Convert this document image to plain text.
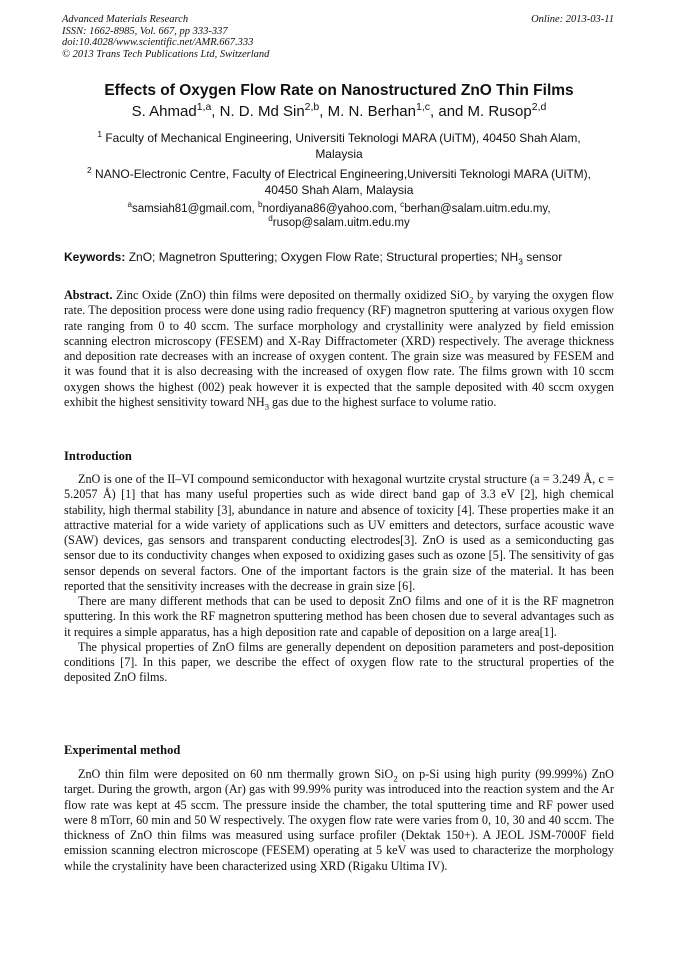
Advanced Materials Research
ISSN: 1662-8985, Vol. 667, pp 333-337
doi:10.4028/www.scientific.net/AMR.667.333
© 2013 Trans Tech Publications Ltd, Switzerland
Online: 2013-03-11
Effects of Oxygen Flow Rate on Nanostructured ZnO Thin Films
S. Ahmad$^{1,a}$, N. D. Md Sin$^{2,b}$, M. N. Berhan$^{1,c}$, and M. Rusop$^{2,d}$
$^1$ Faculty of Mechanical Engineering, Universiti Teknologi MARA (UiTM), 40450 Shah Alam, Malaysia
$^2$ NANO-Electronic Centre, Faculty of Electrical Engineering,Universiti Teknologi MARA (UiTM), 40450 Shah Alam, Malaysia
$^a$samsiah81@gmail.com, $^b$nordiyana86@yahoo.com, $^c$berhan@salam.uitm.edu.my,
$^d$rusop@salam.uitm.edu.my
Keywords: ZnO; Magnetron Sputtering; Oxygen Flow Rate; Structural properties; $NH_3$ sensor

Abstract. Zinc Oxide (ZnO) thin films were deposited on thermally oxidized SiO$_2$ by varying the oxygen flow rate. The deposition process were done using radio frequency (RF) magnetron sputtering at various oxygen flow rate ranging from 0 to 40 sccm. The surface morphology and crystallinity were analyzed by field emission scanning electron microscopy (FESEM) and X-Ray Diffractometer (XRD) respectively. The average thickness and deposition rate decreases with an increase of oxygen content. The grain size was measured by FESEM and it was found that it is also decreasing with the increased of oxygen flow rate. The films grown with 10 sccm oxygen shows the highest (002) peak however it is expected that the sample deposited with 40 sccm oxygen exhibit the highest sensitivity toward $NH_3$ gas due to the highest surface to volume ratio.

Introduction

ZnO is one of the II–VI compound semiconductor with hexagonal wurtzite crystal structure (a = 3.249 Å, c = 5.2057 Å) [1] that has many useful properties such as wide direct band gap of 3.3 eV [2], high chemical stability, high thermal stability [3], abundance in nature and absence of toxicity [4]. These properties make it an attractive material for a wide variety of applications such as UV emitters and detectors, surface acoustic wave (SAW) devices, gas sensors and transparent conducting electrodes[3]. ZnO is used as a semiconducting gas sensor due to its conductivity changes when exposed to oxidizing gases such as ozone [5]. The sensitivity of gas sensor depends on several factors. One of the important factors is the grain size of the material. It has been reported that the sensitivity increases with the decrease in grain size [6].

There are many different methods that can be used to deposit ZnO films and one of it is the RF magnetron sputtering. In this work the RF magnetron sputtering method has been chosen due to several advantages such as it requires a simple apparatus, has a high deposition rate and capable of deposition on a large area[1].

The physical properties of ZnO films are generally dependent on deposition parameters and post-deposition conditions [7]. In this paper, we describe the effect of oxygen flow rate to the structural properties of the deposited ZnO films.

Experimental method

ZnO thin film were deposited on 60 nm thermally grown SiO$_2$ on p-Si using high purity (99.999%) ZnO target. During the growth, argon (Ar) gas with 99.99% purity was introduced into the reaction system and the Ar flow rate was kept at 45 sccm. The pressure inside the chamber, the total sputtering time and RF power used were 8 mTorr, 60 min and 50 W respectively. The oxygen flow rate were varies from 0, 10, 30 and 40 sccm. The thickness of ZnO thin films was measured using surface profiler (Dektak 150+). A JEOL JSM-7000F field emission scanning electron microscope (FESEM) operating at 5 keV was used to characterize the morphology while the crystalinity have been characterized using XRD (Rigaku Ultima IV).
